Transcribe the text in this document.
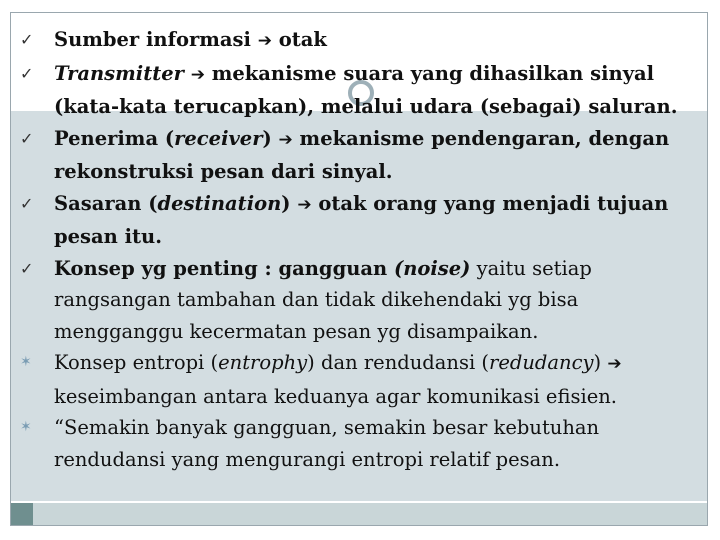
✓	Sumber informasi ➔ otak
✓	Transmitter ➔ mekanisme suara yang dihasilkan sinyal (kata-kata terucapkan), melalui udara (sebagai) saluran.
✓	Penerima (receiver) ➔ mekanisme pendengaran, dengan rekonstruksi pesan dari sinyal.
✓	Sasaran (destination) ➔ otak orang yang menjadi tujuan pesan itu.
✓	Konsep yg penting : gangguan (noise) yaitu setiap rangsangan tambahan dan tidak dikehendaki yg bisa mengganggu kecermatan pesan yg disampaikan.
✶	Konsep entropi (entrophy) dan rendudansi (redudancy) ➔ keseimbangan antara keduanya agar komunikasi efisien.
✶	“Semakin banyak gangguan, semakin besar kebutuhan rendudansi yang mengurangi entropi relatif pesan.
